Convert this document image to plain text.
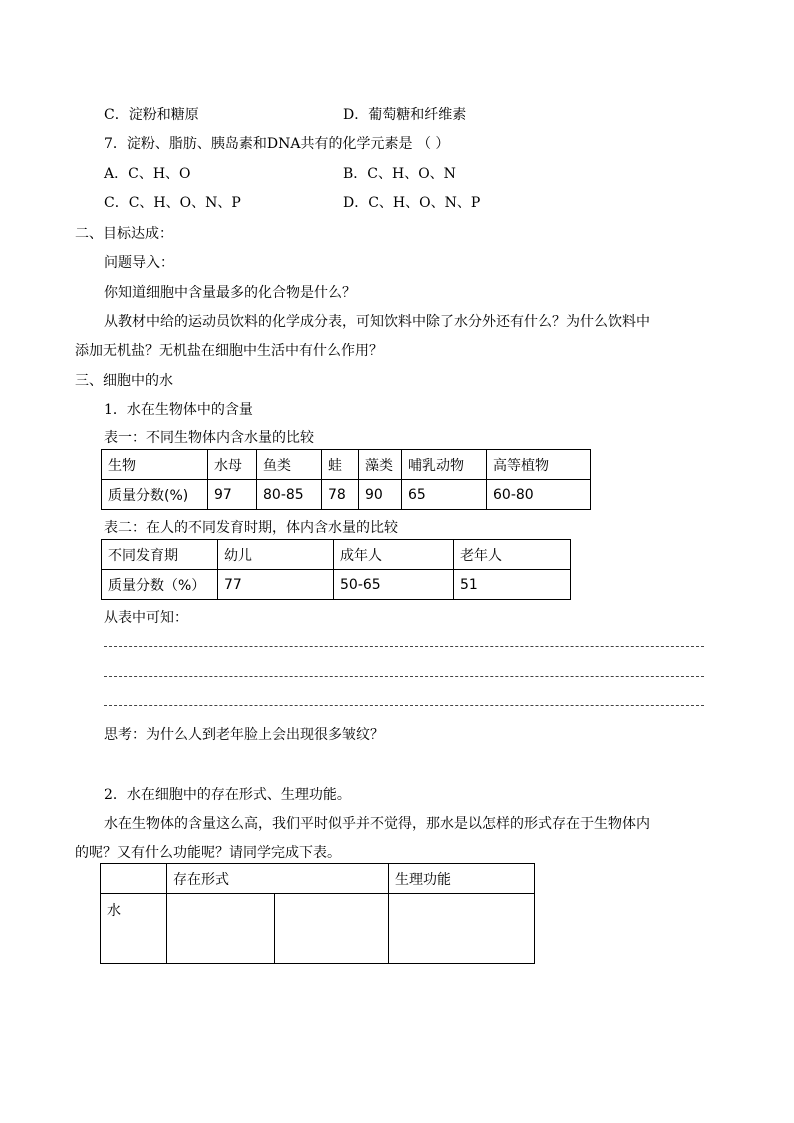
C．淀粉和糖原	D．葡萄糖和纤维素
7．淀粉、脂肪、胰岛素和DNA共有的化学元素是 （ ）
A．C、H、O	B．C、H、O、N
C．C、H、O、N、P	D．C、H、O、N、P
二、目标达成：
问题导入：
你知道细胞中含量最多的化合物是什么？
从教材中给的运动员饮料的化学成分表，可知饮料中除了水分外还有什么？为什么饮料中
添加无机盐？无机盐在细胞中生活中有什么作用？
三、细胞中的水
1．水在生物体中的含量
表一：不同生物体内含水量的比较
生物	水母	鱼类	蛙	藻类	哺乳动物	高等植物
质量分数(%)	97	80-85	78	90	65	60-80
表二：在人的不同发育时期，体内含水量的比较
不同发育期	幼儿	成年人	老年人
质量分数（%）	77	50-65	51
从表中可知：
思考：为什么人到老年脸上会出现很多皱纹？
2．水在细胞中的存在形式、生理功能。
水在生物体的含量这么高，我们平时似乎并不觉得，那水是以怎样的形式存在于生物体内
的呢？又有什么功能呢？请同学完成下表。
	存在形式		生理功能
水			
